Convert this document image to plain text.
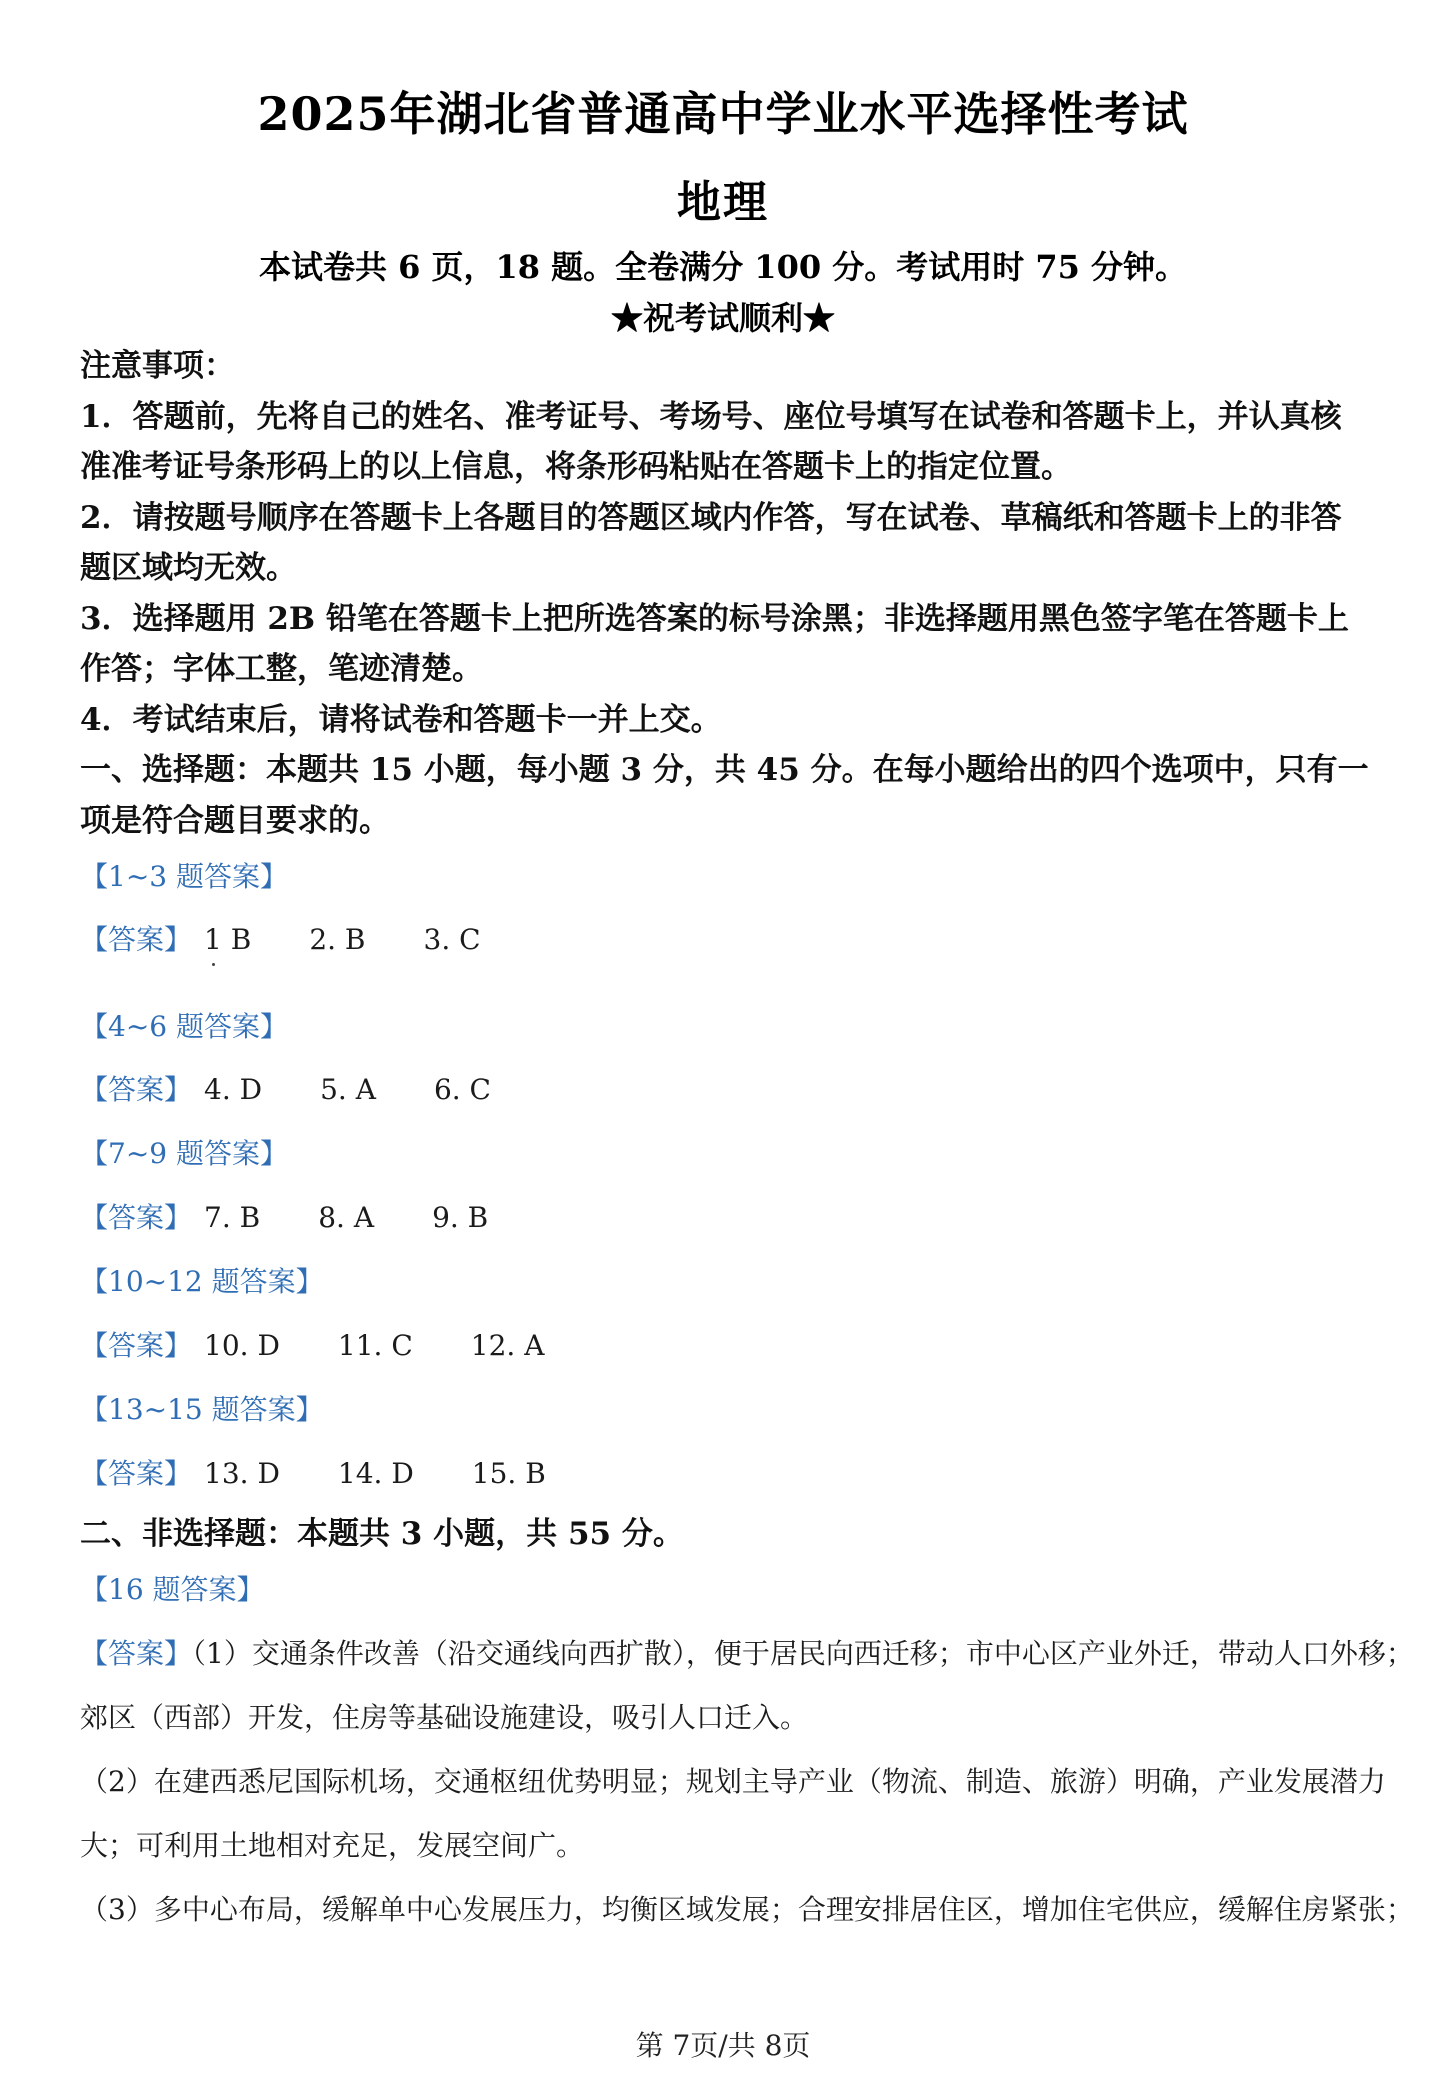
2025年湖北省普通高中学业水平选择性考试
地理
本试卷共 6 页，18 题。全卷满分 100 分。考试用时 75 分钟。
★祝考试顺利★
注意事项：
1．答题前，先将自己的姓名、准考证号、考场号、座位号填写在试卷和答题卡上，并认真核
准准考证号条形码上的以上信息，将条形码粘贴在答题卡上的指定位置。
2．请按题号顺序在答题卡上各题目的答题区域内作答，写在试卷、草稿纸和答题卡上的非答
题区域均无效。
3．选择题用 2B 铅笔在答题卡上把所选答案的标号涂黑；非选择题用黑色签字笔在答题卡上
作答；字体工整，笔迹清楚。
4．考试结束后，请将试卷和答题卡一并上交。
一、选择题：本题共 15 小题，每小题 3 分，共 45 分。在每小题给出的四个选项中，只有一
项是符合题目要求的。
【1~3 题答案】
【答案】 1 B 2. B 3. C
【4~6 题答案】
【答案】 4. D 5. A 6. C
【7~9 题答案】
【答案】 7. B 8. A 9. B
【10~12 题答案】
【答案】 10. D 11. C 12. A
【13~15 题答案】
【答案】 13. D 14. D 15. B
二、非选择题：本题共 3 小题，共 55 分。
【16 题答案】
【答案】（1）交通条件改善（沿交通线向西扩散），便于居民向西迁移；市中心区产业外迁，带动人口外移；
郊区（西部）开发，住房等基础设施建设，吸引人口迁入。
（2）在建西悉尼国际机场，交通枢纽优势明显；规划主导产业（物流、制造、旅游）明确，产业发展潜力
大；可利用土地相对充足，发展空间广。
（3）多中心布局，缓解单中心发展压力，均衡区域发展；合理安排居住区，增加住宅供应，缓解住房紧张；
第 7页/共 8页
